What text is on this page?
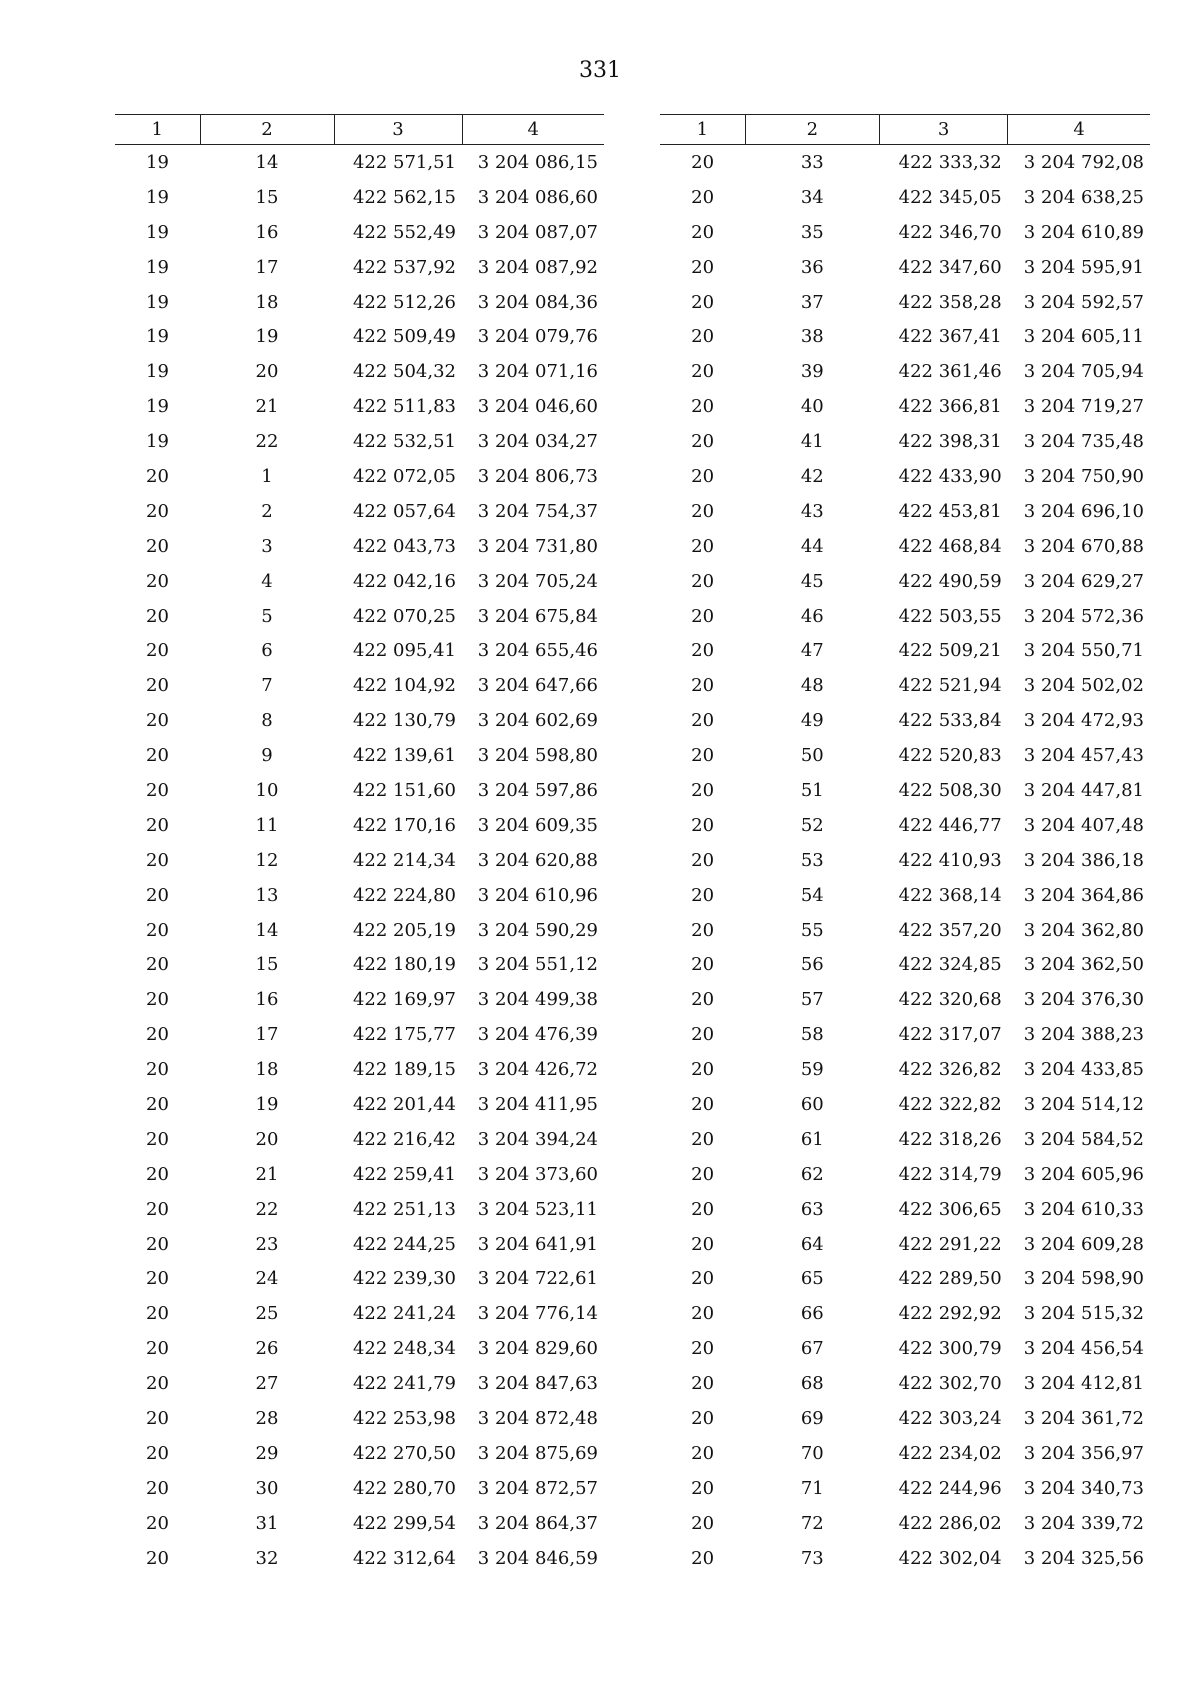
331
1	2	3	4
19	14	422 571,51	3 204 086,15
19	15	422 562,15	3 204 086,60
19	16	422 552,49	3 204 087,07
19	17	422 537,92	3 204 087,92
19	18	422 512,26	3 204 084,36
19	19	422 509,49	3 204 079,76
19	20	422 504,32	3 204 071,16
19	21	422 511,83	3 204 046,60
19	22	422 532,51	3 204 034,27
20	1	422 072,05	3 204 806,73
20	2	422 057,64	3 204 754,37
20	3	422 043,73	3 204 731,80
20	4	422 042,16	3 204 705,24
20	5	422 070,25	3 204 675,84
20	6	422 095,41	3 204 655,46
20	7	422 104,92	3 204 647,66
20	8	422 130,79	3 204 602,69
20	9	422 139,61	3 204 598,80
20	10	422 151,60	3 204 597,86
20	11	422 170,16	3 204 609,35
20	12	422 214,34	3 204 620,88
20	13	422 224,80	3 204 610,96
20	14	422 205,19	3 204 590,29
20	15	422 180,19	3 204 551,12
20	16	422 169,97	3 204 499,38
20	17	422 175,77	3 204 476,39
20	18	422 189,15	3 204 426,72
20	19	422 201,44	3 204 411,95
20	20	422 216,42	3 204 394,24
20	21	422 259,41	3 204 373,60
20	22	422 251,13	3 204 523,11
20	23	422 244,25	3 204 641,91
20	24	422 239,30	3 204 722,61
20	25	422 241,24	3 204 776,14
20	26	422 248,34	3 204 829,60
20	27	422 241,79	3 204 847,63
20	28	422 253,98	3 204 872,48
20	29	422 270,50	3 204 875,69
20	30	422 280,70	3 204 872,57
20	31	422 299,54	3 204 864,37
20	32	422 312,64	3 204 846,59
1	2	3	4
20	33	422 333,32	3 204 792,08
20	34	422 345,05	3 204 638,25
20	35	422 346,70	3 204 610,89
20	36	422 347,60	3 204 595,91
20	37	422 358,28	3 204 592,57
20	38	422 367,41	3 204 605,11
20	39	422 361,46	3 204 705,94
20	40	422 366,81	3 204 719,27
20	41	422 398,31	3 204 735,48
20	42	422 433,90	3 204 750,90
20	43	422 453,81	3 204 696,10
20	44	422 468,84	3 204 670,88
20	45	422 490,59	3 204 629,27
20	46	422 503,55	3 204 572,36
20	47	422 509,21	3 204 550,71
20	48	422 521,94	3 204 502,02
20	49	422 533,84	3 204 472,93
20	50	422 520,83	3 204 457,43
20	51	422 508,30	3 204 447,81
20	52	422 446,77	3 204 407,48
20	53	422 410,93	3 204 386,18
20	54	422 368,14	3 204 364,86
20	55	422 357,20	3 204 362,80
20	56	422 324,85	3 204 362,50
20	57	422 320,68	3 204 376,30
20	58	422 317,07	3 204 388,23
20	59	422 326,82	3 204 433,85
20	60	422 322,82	3 204 514,12
20	61	422 318,26	3 204 584,52
20	62	422 314,79	3 204 605,96
20	63	422 306,65	3 204 610,33
20	64	422 291,22	3 204 609,28
20	65	422 289,50	3 204 598,90
20	66	422 292,92	3 204 515,32
20	67	422 300,79	3 204 456,54
20	68	422 302,70	3 204 412,81
20	69	422 303,24	3 204 361,72
20	70	422 234,02	3 204 356,97
20	71	422 244,96	3 204 340,73
20	72	422 286,02	3 204 339,72
20	73	422 302,04	3 204 325,56
